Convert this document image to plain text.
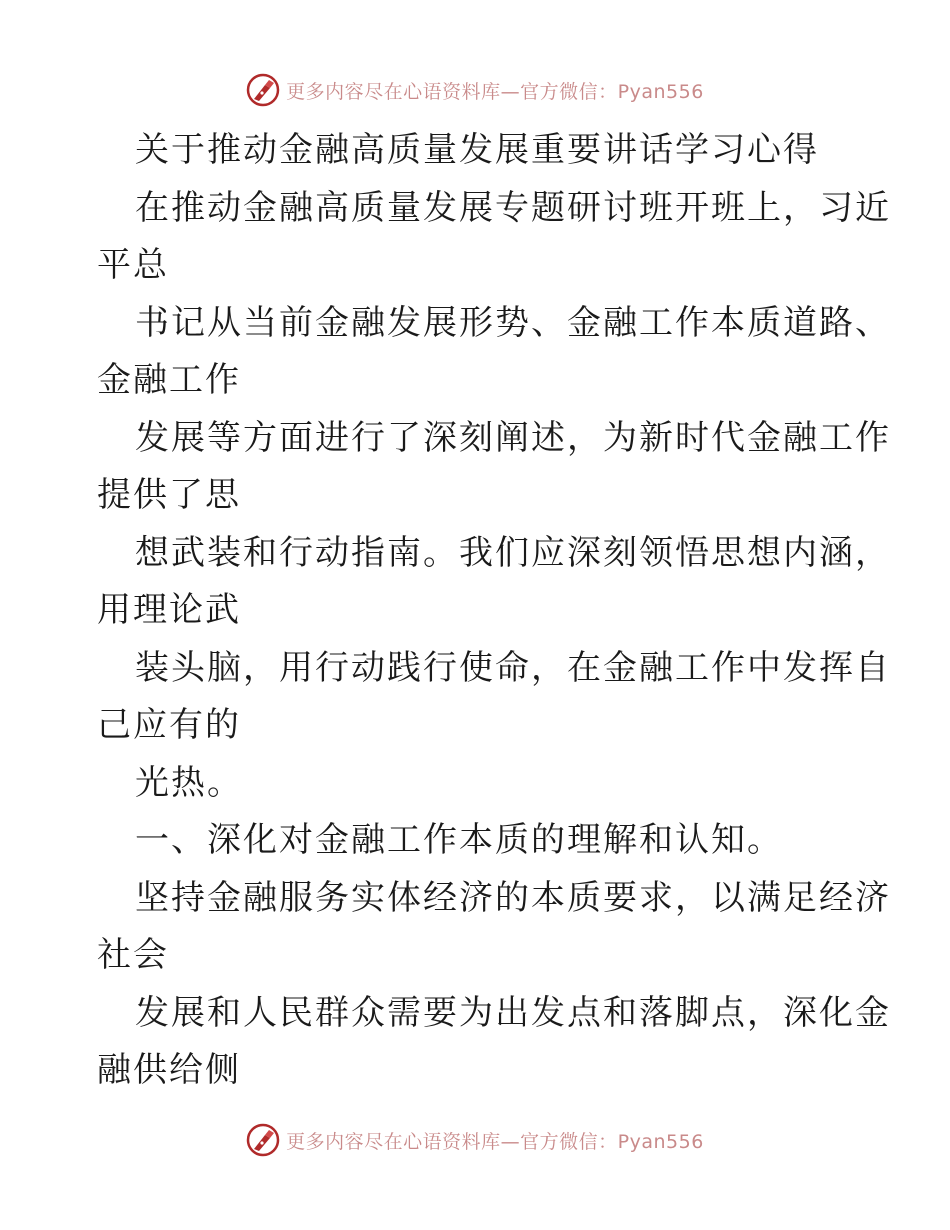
更多内容尽在心语资料库—官方微信：Pyan556
关于推动金融高质量发展重要讲话学习心得
在推动金融高质量发展专题研讨班开班上，习近
平总
书记从当前金融发展形势、金融工作本质道路、
金融工作
发展等方面进行了深刻阐述，为新时代金融工作
提供了思
想武装和行动指南。我们应深刻领悟思想内涵，
用理论武
装头脑，用行动践行使命，在金融工作中发挥自
己应有的
光热。
一、深化对金融工作本质的理解和认知。
坚持金融服务实体经济的本质要求，以满足经济
社会
发展和人民群众需要为出发点和落脚点，深化金
融供给侧
更多内容尽在心语资料库—官方微信：Pyan556
